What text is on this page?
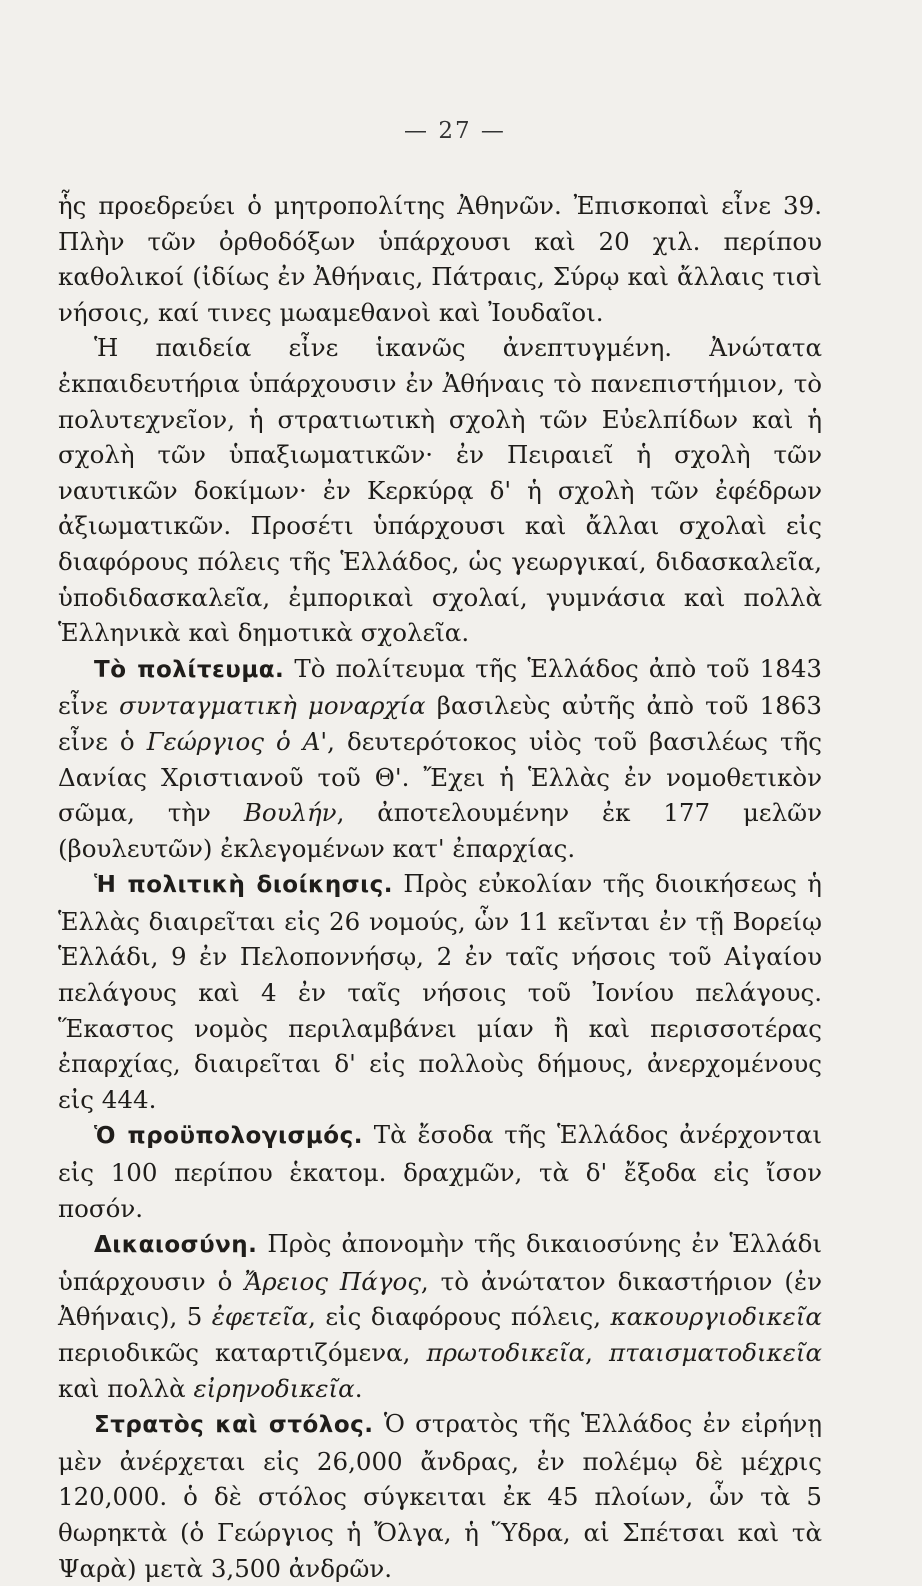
— 27 —

ἧς προεδρεύει ὁ μητροπολίτης Ἀθηνῶν. Ἐπισκοπαὶ εἶνε 39. Πλὴν τῶν ὀρθοδόξων ὑπάρχουσι καὶ 20 χιλ. περίπου καθολικοί (ἰδίως ἐν Ἀθήναις, Πάτραις, Σύρῳ καὶ ἄλλαις τισὶ νήσοις, καί τινες μωαμεθανοὶ καὶ Ἰουδαῖοι.

Ἡ παιδεία εἶνε ἱκανῶς ἀνεπτυγμένη. Ἀνώτατα ἐκπαιδευτήρια ὑπάρχουσιν ἐν Ἀθήναις τὸ πανεπιστήμιον, τὸ πολυτεχνεῖον, ἡ στρατιωτικὴ σχολὴ τῶν Εὐελπίδων καὶ ἡ σχολὴ τῶν ὑπαξιωματικῶν· ἐν Πειραιεῖ ἡ σχολὴ τῶν ναυτικῶν δοκίμων· ἐν Κερκύρᾳ δ' ἡ σχολὴ τῶν ἐφέδρων ἀξιωματικῶν. Προσέτι ὑπάρχουσι καὶ ἄλλαι σχολαὶ εἰς διαφόρους πόλεις τῆς Ἑλλάδος, ὡς γεωργικαί, διδασκαλεῖα, ὑποδιδασκαλεῖα, ἐμπορικαὶ σχολαί, γυμνάσια καὶ πολλὰ Ἑλληνικὰ καὶ δημοτικὰ σχολεῖα.

Τὸ πολίτευμα. Τὸ πολίτευμα τῆς Ἑλλάδος ἀπὸ τοῦ 1843 εἶνε συνταγματικὴ μοναρχία βασιλεὺς αὐτῆς ἀπὸ τοῦ 1863 εἶνε ὁ Γεώργιος ὁ Α', δευτερότοκος υἱὸς τοῦ βασιλέως τῆς Δανίας Χριστιανοῦ τοῦ Θ'. Ἔχει ἡ Ἑλλὰς ἐν νομοθετικὸν σῶμα, τὴν Βουλήν, ἀποτελουμένην ἐκ 177 μελῶν (βουλευτῶν) ἐκλεγομένων κατ' ἐπαρχίας.

Ἡ πολιτικὴ διοίκησις. Πρὸς εὐκολίαν τῆς διοικήσεως ἡ Ἑλλὰς διαιρεῖται εἰς 26 νομούς, ὧν 11 κεῖνται ἐν τῇ Βορείῳ Ἑλλάδι, 9 ἐν Πελοποννήσῳ, 2 ἐν ταῖς νήσοις τοῦ Αἰγαίου πελάγους καὶ 4 ἐν ταῖς νήσοις τοῦ Ἰονίου πελάγους. Ἕκαστος νομὸς περιλαμβάνει μίαν ἢ καὶ περισσοτέρας ἐπαρχίας, διαιρεῖται δ' εἰς πολλοὺς δήμους, ἀνερχομένους εἰς 444.

Ὁ προϋπολογισμός. Τὰ ἔσοδα τῆς Ἑλλάδος ἀνέρχονται εἰς 100 περίπου ἑκατομ. δραχμῶν, τὰ δ' ἔξοδα εἰς ἴσον ποσόν.

Δικαιοσύνη. Πρὸς ἀπονομὴν τῆς δικαιοσύνης ἐν Ἑλλάδι ὑπάρχουσιν ὁ Ἄρειος Πάγος, τὸ ἀνώτατον δικαστήριον (ἐν Ἀθήναις), 5 ἐφετεῖα, εἰς διαφόρους πόλεις, κακουργιοδικεῖα περιοδικῶς καταρτιζόμενα, πρωτοδικεῖα, πταισματοδικεῖα καὶ πολλὰ εἰρηνοδικεῖα.

Στρατὸς καὶ στόλος. Ὁ στρατὸς τῆς Ἑλλάδος ἐν εἰρήνῃ μὲν ἀνέρχεται εἰς 26,000 ἄνδρας, ἐν πολέμῳ δὲ μέχρις 120,000. ὁ δὲ στόλος σύγκειται ἐκ 45 πλοίων, ὧν τὰ 5 θωρηκτὰ (ὁ Γεώργιος ἡ Ὄλγα, ἡ Ὕδρα, αἱ Σπέτσαι καὶ τὰ Ψαρὰ) μετὰ 3,500 ἀνδρῶν.
